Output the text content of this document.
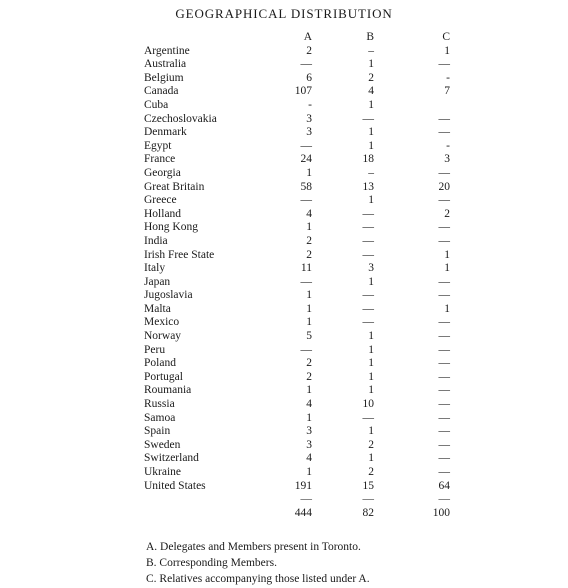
GEOGRAPHICAL DISTRIBUTION
	A	B	C
Argentine	2	–	1
Australia	—	1	—
Belgium	6	2	-
Canada	107	4	7
Cuba	-	1	
Czechoslovakia	3	—	—
Denmark	3	1	—
Egypt	—	1	-
France	24	18	3
Georgia	1	–	—
Great Britain	58	13	20
Greece	—	1	—
Holland	4	—	2
Hong Kong	1	—	—
India	2	—	—
Irish Free State	2	—	1
Italy	11	3	1
Japan	—	1	—
Jugoslavia	1	—	—
Malta	1	—	1
Mexico	1	—	—
Norway	5	1	—
Peru	—	1	—
Poland	2	1	—
Portugal	2	1	—
Roumania	1	1	—
Russia	4	10	—
Samoa	1	—	—
Spain	3	1	—
Sweden	3	2	—
Switzerland	4	1	—
Ukraine	1	2	—
United States	191	15	64
	—	—	—
	444	82	100
A. Delegates and Members present in Toronto.
B. Corresponding Members.
C. Relatives accompanying those listed under A.
